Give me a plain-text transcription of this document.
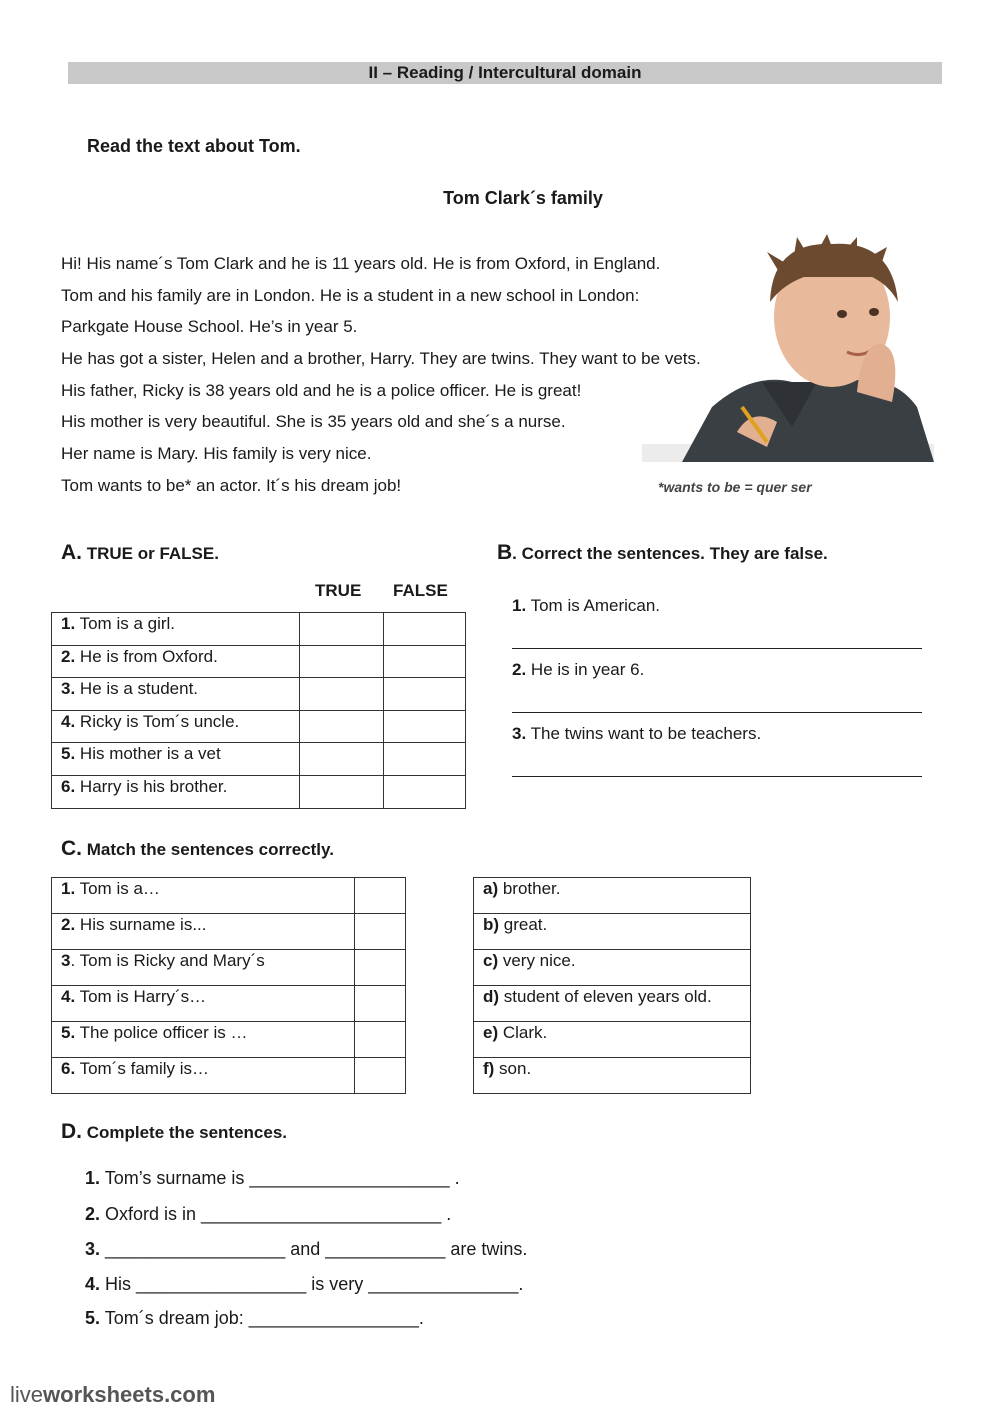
II – Reading / Intercultural domain
Read the text about Tom.
Tom Clark´s family
Hi! His name´s Tom Clark and he is 11 years old. He is from Oxford, in England.
Tom and his family are in London. He is a student in a new school in London:
Parkgate House School. He’s in year 5.
He has got a sister, Helen and a brother, Harry. They are twins. They want to be vets.
His father, Ricky is 38 years old and he is a police officer. He is great!
His mother is very beautiful. She is 35 years old and she´s a nurse.
Her name is Mary. His family is very nice.
Tom wants to be* an actor. It´s his dream job!	*wants to be = quer ser
A. TRUE or FALSE.
TRUE FALSE
1. Tom is a girl.		
2. He is from Oxford.		
3. He is a student.		
4. Ricky is Tom´s uncle.		
5. His mother is a vet		
6. Harry is his brother.		
B. Correct the sentences. They are false.
1. Tom is American.
2. He is in year 6.
3. The twins want to be teachers.
C. Match the sentences correctly.
1. Tom is a…	
2. His surname is...	
3. Tom is Ricky and Mary´s	
4. Tom is Harry´s…	
5. The police officer is …	
6. Tom´s family is…	
a) brother.
b) great.
c) very nice.
d) student of eleven years old.
e) Clark.
f) son.
D. Complete the sentences.
1. Tom’s surname is ____________________ .
2. Oxford is in ________________________ .
3. __________________ and ____________ are twins.
4. His _________________ is very _______________.
5. Tom´s dream job: _________________.
liveworksheets.com
